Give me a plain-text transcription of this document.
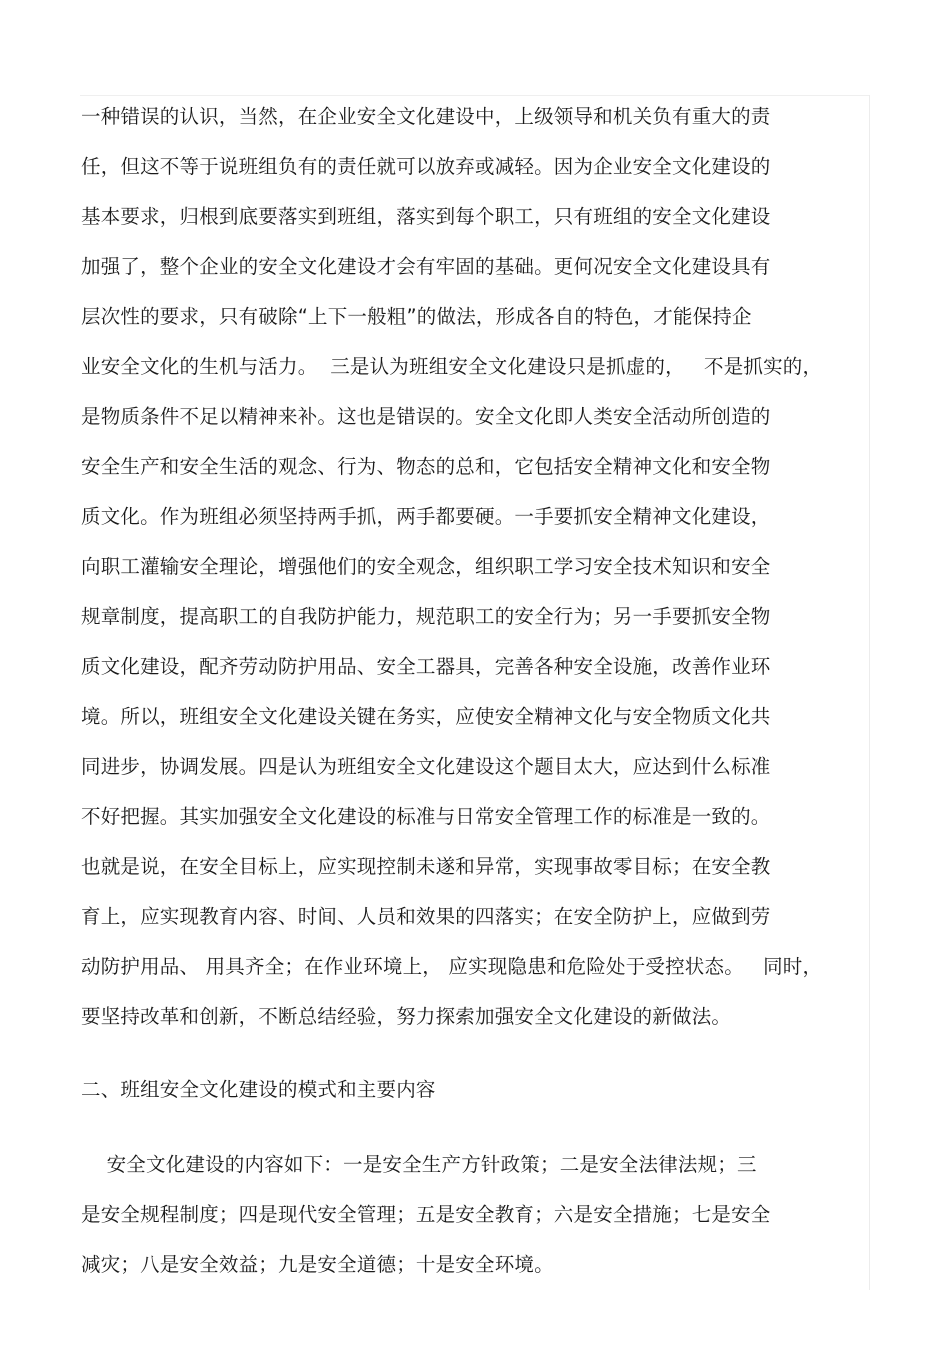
一种错误的认识，当然，在企业安全文化建设中，上级领导和机关负有重大的责
任，但这不等于说班组负有的责任就可以放弃或减轻。因为企业安全文化建设的
基本要求，归根到底要落实到班组，落实到每个职工，只有班组的安全文化建设
加强了，整个企业的安全文化建设才会有牢固的基础。更何况安全文化建设具有
层次性的要求，只有破除“上下一般粗”的做法，形成各自的特色，才能保持企
业安全文化的生机与活力。  三是认为班组安全文化建设只是抓虚的，   不是抓实的，
是物质条件不足以精神来补。这也是错误的。安全文化即人类安全活动所创造的
安全生产和安全生活的观念、行为、物态的总和，它包括安全精神文化和安全物
质文化。作为班组必须坚持两手抓，两手都要硬。一手要抓安全精神文化建设，
向职工灌输安全理论，增强他们的安全观念，组织职工学习安全技术知识和安全
规章制度，提高职工的自我防护能力，规范职工的安全行为；另一手要抓安全物
质文化建设，配齐劳动防护用品、安全工器具，完善各种安全设施，改善作业环
境。所以，班组安全文化建设关键在务实，应使安全精神文化与安全物质文化共
同进步，协调发展。四是认为班组安全文化建设这个题目太大，应达到什么标准
不好把握。其实加强安全文化建设的标准与日常安全管理工作的标准是一致的。
也就是说，在安全目标上，应实现控制未遂和异常，实现事故零目标；在安全教
育上，应实现教育内容、时间、人员和效果的四落实；在安全防护上，应做到劳
动防护用品、 用具齐全；在作业环境上， 应实现隐患和危险处于受控状态。   同时，
要坚持改革和创新，不断总结经验，努力探索加强安全文化建设的新做法。
二、班组安全文化建设的模式和主要内容
安全文化建设的内容如下：一是安全生产方针政策；二是安全法律法规；三
是安全规程制度；四是现代安全管理；五是安全教育；六是安全措施；七是安全
减灾；八是安全效益；九是安全道德；十是安全环境。
